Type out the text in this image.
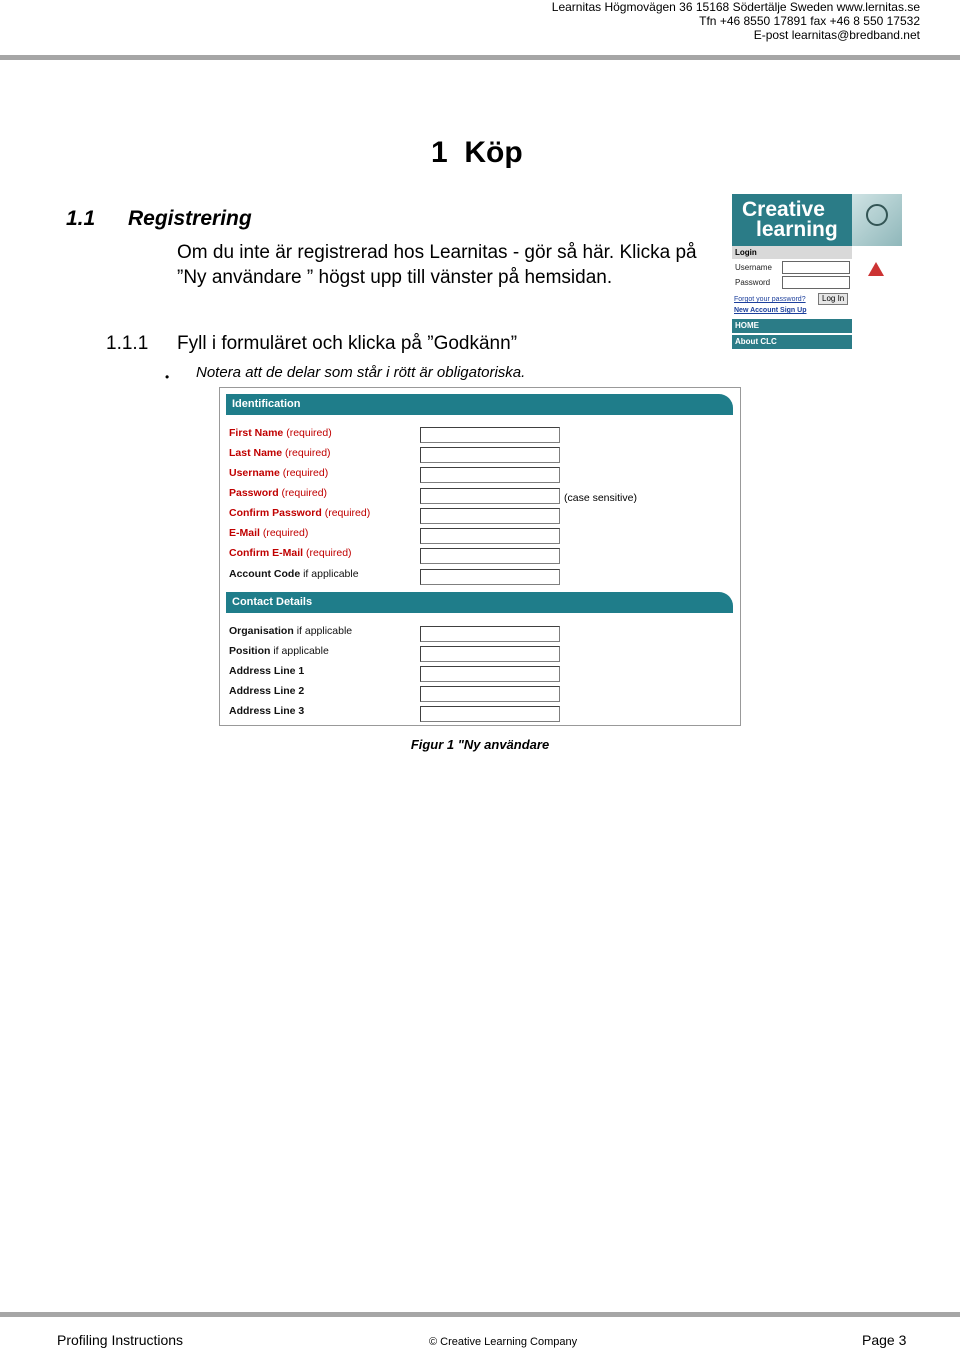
Learnitas Högmovägen 36 15168 Södertälje Sweden www.lernitas.se
Tfn +46 8550 17891 fax +46 8 550 17532
E-post learnitas@bredband.net
1 Köp
1.1 Registrering
Om du inte är registrerad hos Learnitas - gör så här. Klicka på ”Ny användare ” högst upp till vänster på hemsidan.
1.1.1 Fyll i formuläret och klicka på ”Godkänn”
• Notera att de delar som står i rött är obligatoriska.
Creative
learning
Login
Username
Password
Forgot your password?	Log In
New Account Sign Up
HOME
About CLC
Identification
First Name (required)
Last Name (required)
Username (required)
Password (required)	(case sensitive)
Confirm Password (required)
E-Mail (required)
Confirm E-Mail (required)
Account Code if applicable
Contact Details
Organisation if applicable
Position if applicable
Address Line 1
Address Line 2
Address Line 3
Figur 1 "Ny användare
Profiling Instructions	© Creative Learning Company	Page 3
